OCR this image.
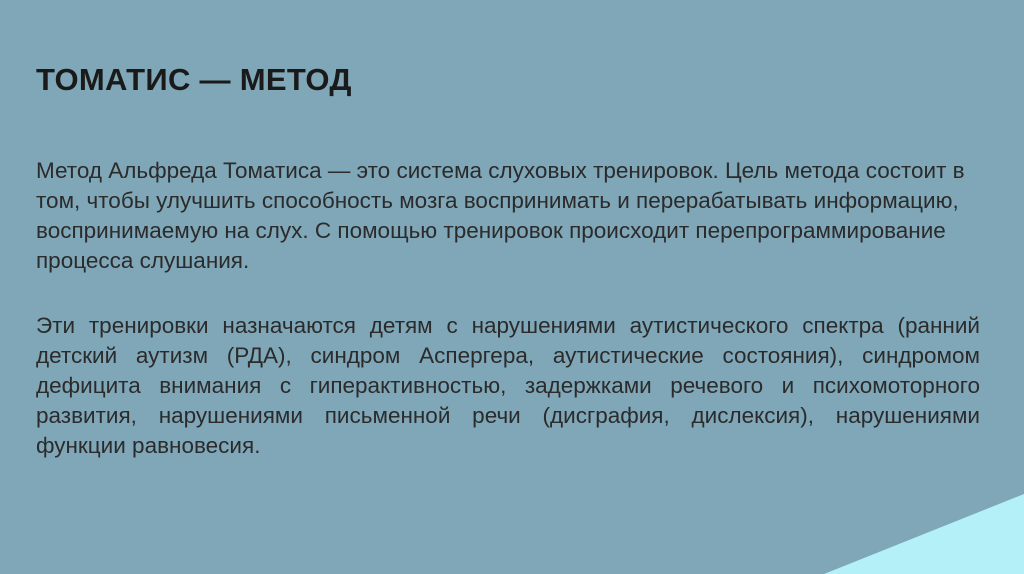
ТОМАТИС — МЕТОД
Метод Альфреда Томатиса — это система слуховых тренировок. Цель метода состоит в том, чтобы улучшить способность мозга воспринимать и перерабатывать информацию, воспринимаемую на слух. С помощью тренировок происходит перепрограммирование процесса слушания.
Эти тренировки назначаются детям с нарушениями аутистического спектра (ранний детский аутизм (РДА), синдром Аспергера, аутистические состояния), синдромом дефицита внимания с гиперактивностью, задержками речевого и психомоторного развития, нарушениями письменной речи (дисграфия, дислексия), нарушениями функции равновесия.
